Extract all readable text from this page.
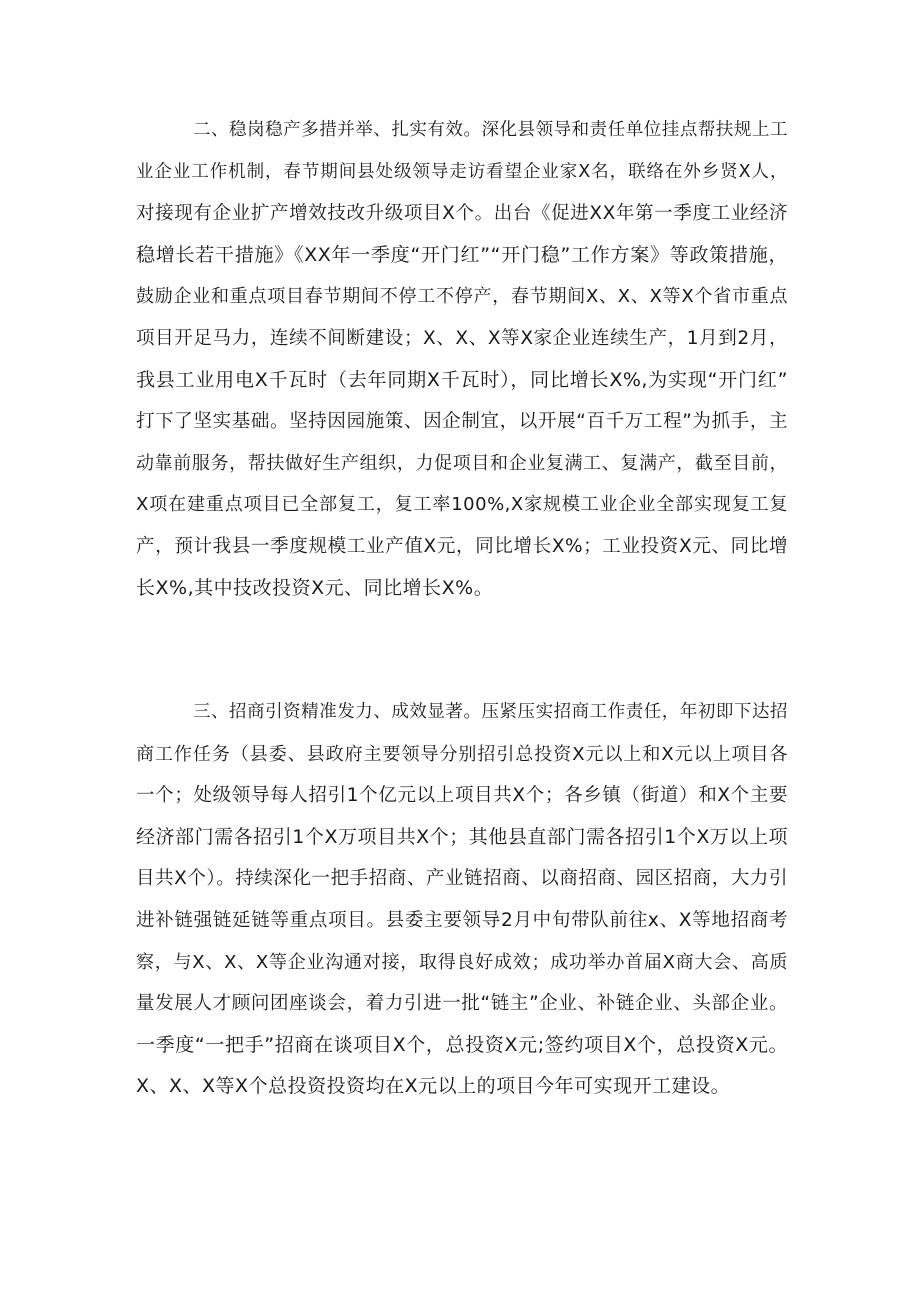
二、稳岗稳产多措并举、扎实有效。深化县领导和责任单位挂点帮扶规上工
业企业工作机制，春节期间县处级领导走访看望企业家X名，联络在外乡贤X人，
对接现有企业扩产增效技改升级项目X个。出台《促进XX年第一季度工业经济
稳增长若干措施》《XX年一季度“开门红”“开门稳”工作方案》等政策措施，
鼓励企业和重点项目春节期间不停工不停产，春节期间X、X、X等X个省市重点
项目开足马力，连续不间断建设；X、X、X等X家企业连续生产，1月到2月，
我县工业用电X千瓦时（去年同期X千瓦时），同比增长X%,为实现“开门红”
打下了坚实基础。坚持因园施策、因企制宜，以开展“百千万工程”为抓手，主
动靠前服务，帮扶做好生产组织，力促项目和企业复满工、复满产，截至目前，
X项在建重点项目已全部复工，复工率100%,X家规模工业企业全部实现复工复
产，预计我县一季度规模工业产值X元，同比增长X%；工业投资X元、同比增
长X%,其中技改投资X元、同比增长X%。
三、招商引资精准发力、成效显著。压紧压实招商工作责任，年初即下达招
商工作任务（县委、县政府主要领导分别招引总投资X元以上和X元以上项目各
一个；处级领导每人招引1个亿元以上项目共X个；各乡镇（街道）和X个主要
经济部门需各招引1个X万项目共X个；其他县直部门需各招引1个X万以上项
目共X个）。持续深化一把手招商、产业链招商、以商招商、园区招商，大力引
进补链强链延链等重点项目。县委主要领导2月中旬带队前往x、X等地招商考
察，与X、X、X等企业沟通对接，取得良好成效；成功举办首届X商大会、高质
量发展人才顾问团座谈会，着力引进一批“链主”企业、补链企业、头部企业。
一季度“一把手”招商在谈项目X个，总投资X元;签约项目X个，总投资X元。
X、X、X等X个总投资投资均在X元以上的项目今年可实现开工建设。
